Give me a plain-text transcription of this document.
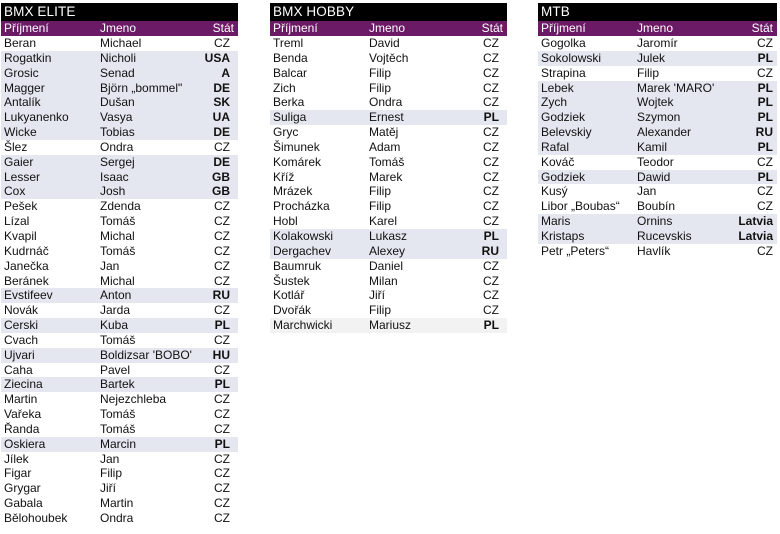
BMX ELITE
Příjmení	Jmeno	Stát
Beran	Michael	CZ
Rogatkin	Nicholi	USA
Grosic	Senad	A
Magger	Björn „bommel"	DE
Antalík	Dušan	SK
Lukyanenko	Vasya	UA
Wicke	Tobias	DE
Šlez	Ondra	CZ
Gaier	Sergej	DE
Lesser	Isaac	GB
Cox	Josh	GB
Pešek	Zdenda	CZ
Lízal	Tomáš	CZ
Kvapil	Michal	CZ
Kudrnáč	Tomáš	CZ
Janečka	Jan	CZ
Beránek	Michal	CZ
Evstifeev	Anton	RU
Novák	Jarda	CZ
Cerski	Kuba	PL
Cvach	Tomáš	CZ
Ujvari	Boldizsar 'BOBO'	HU
Caha	Pavel	CZ
Ziecina	Bartek	PL
Martin	Nejezchleba	CZ
Vařeka	Tomáš	CZ
Řanda	Tomáš	CZ
Oskiera	Marcin	PL
Jílek	Jan	CZ
Figar	Filip	CZ
Grygar	Jiří	CZ
Gabala	Martin	CZ
Bělohoubek	Ondra	CZ
BMX HOBBY
Příjmení	Jmeno	Stát
Treml	David	CZ
Benda	Vojtěch	CZ
Balcar	Filip	CZ
Zich	Filip	CZ
Berka	Ondra	CZ
Suliga	Ernest	PL
Gryc	Matěj	CZ
Šimunek	Adam	CZ
Komárek	Tomáš	CZ
Kříž	Marek	CZ
Mrázek	Filip	CZ
Procházka	Filip	CZ
Hobl	Karel	CZ
Kolakowski	Lukasz	PL
Dergachev	Alexey	RU
Baumruk	Daniel	CZ
Šustek	Milan	CZ
Kotlář	Jiří	CZ
Dvořák	Filip	CZ
Marchwicki	Mariusz	PL
MTB
Příjmení	Jmeno	Stát
Gogolka	Jaromír	CZ
Sokolowski	Julek	PL
Strapina	Filip	CZ
Lebek	Marek 'MARO'	PL
Zych	Wojtek	PL
Godziek	Szymon	PL
Belevskiy	Alexander	RU
Rafal	Kamil	PL
Kováč	Teodor	CZ
Godziek	Dawid	PL
Kusý	Jan	CZ
Libor „Boubas“	Boubín	CZ
Maris	Ornins	Latvia
Kristaps	Rucevskis	Latvia
Petr „Peters“	Havlík	CZ
